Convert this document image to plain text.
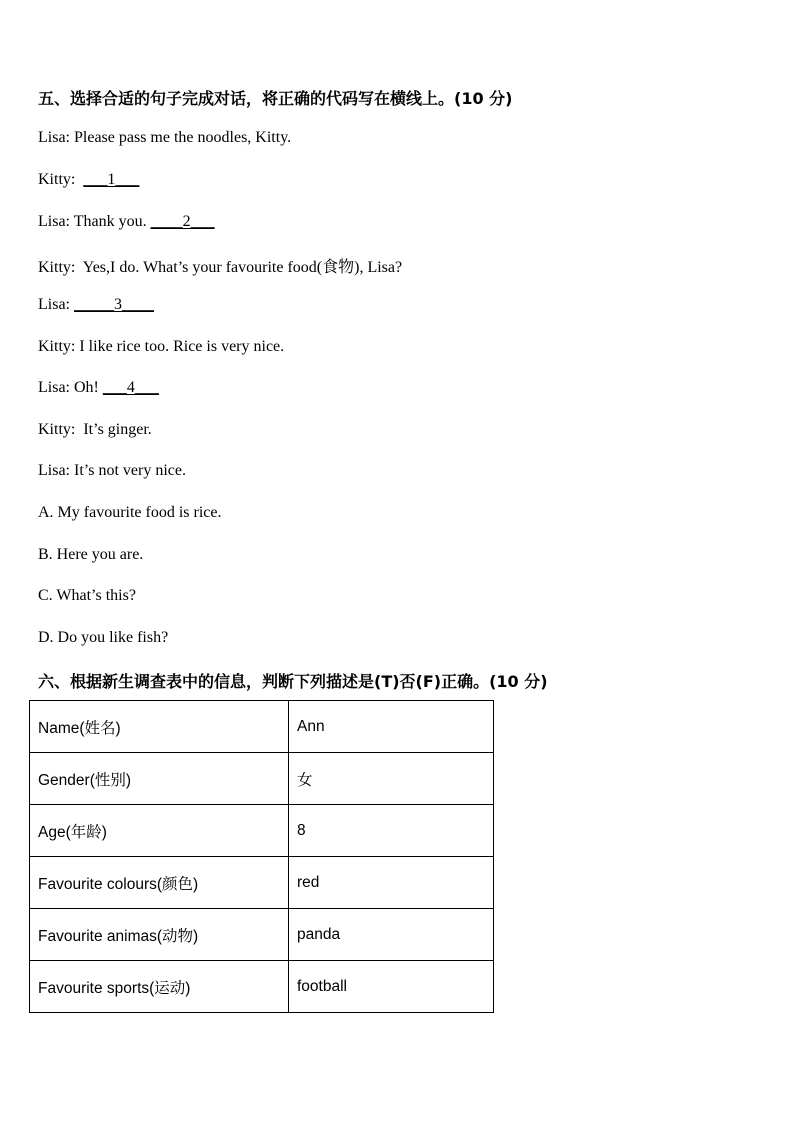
五、选择合适的句子完成对话，将正确的代码写在横线上。(10 分)
Lisa: Please pass me the noodles, Kitty.
Kitty: ___1___
Lisa: Thank you. ____2___
Kitty: Yes,I do. What’s your favourite food(食物), Lisa?
Lisa: _____3____
Kitty: I like rice too. Rice is very nice.
Lisa: Oh! ___4___
Kitty: It’s ginger.
Lisa: It’s not very nice.
A. My favourite food is rice.
B. Here you are.
C. What’s this?
D. Do you like fish?
六、根据新生调查表中的信息，判断下列描述是(T)否(F)正确。(10 分)
Name(姓名)	Ann
Gender(性别)	女
Age(年龄)	8
Favourite colours(颜色)	red
Favourite animas(动物)	panda
Favourite sports(运动)	football
